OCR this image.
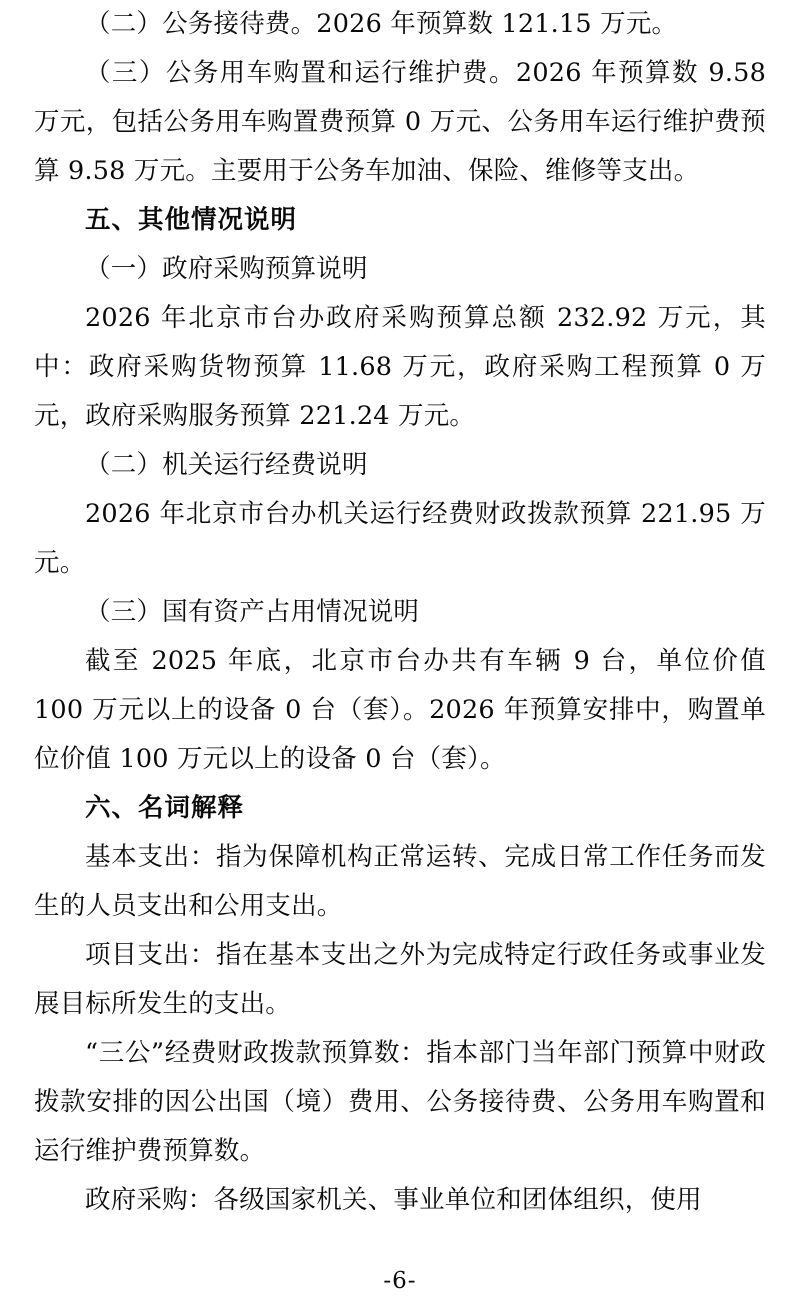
（二）公务接待费。2026 年预算数 121.15 万元。

（三）公务用车购置和运行维护费。2026 年预算数 9.58 万元，包括公务用车购置费预算 0 万元、公务用车运行维护费预算 9.58 万元。主要用于公务车加油、保险、维修等支出。

五、其他情况说明

（一）政府采购预算说明

2026 年北京市台办政府采购预算总额 232.92 万元，其中：政府采购货物预算 11.68 万元，政府采购工程预算 0 万元，政府采购服务预算 221.24 万元。

（二）机关运行经费说明

2026 年北京市台办机关运行经费财政拨款预算 221.95 万元。

（三）国有资产占用情况说明

截至 2025 年底，北京市台办共有车辆 9 台，单位价值 100 万元以上的设备 0 台（套）。2026 年预算安排中，购置单位价值 100 万元以上的设备 0 台（套）。

六、名词解释

基本支出：指为保障机构正常运转、完成日常工作任务而发生的人员支出和公用支出。

项目支出：指在基本支出之外为完成特定行政任务或事业发展目标所发生的支出。

“三公”经费财政拨款预算数：指本部门当年部门预算中财政拨款安排的因公出国（境）费用、公务接待费、公务用车购置和运行维护费预算数。

政府采购：各级国家机关、事业单位和团体组织，使用

-6-
